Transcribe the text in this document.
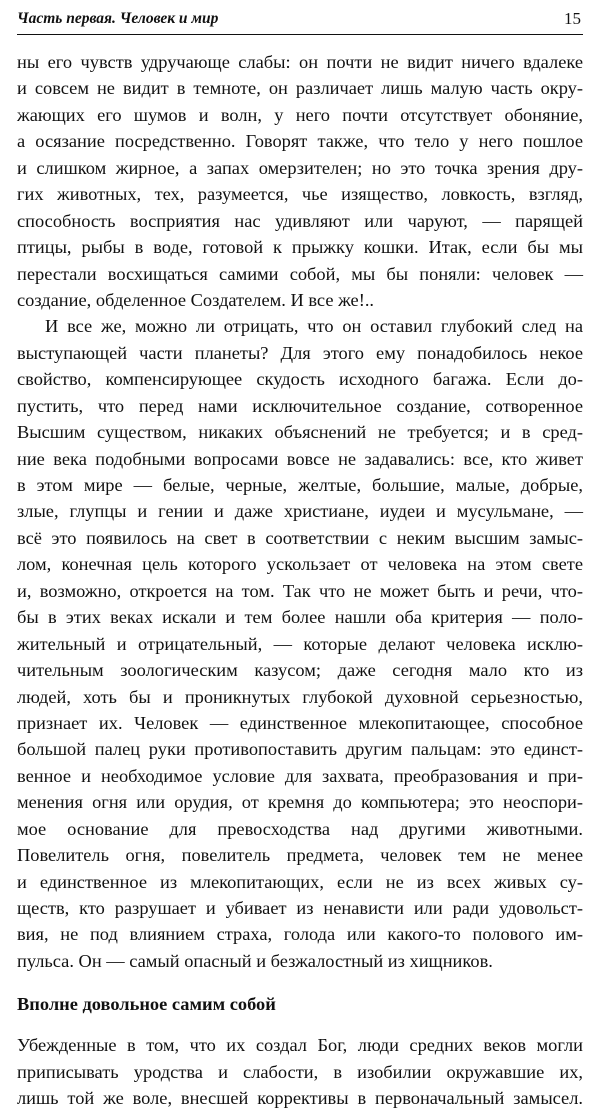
Часть первая. Человек и мир	15
ны его чувств удручающе слабы: он почти не видит ничего вдалеке
и совсем не видит в темноте, он различает лишь малую часть окру-
жающих его шумов и волн, у него почти отсутствует обоняние,
а осязание посредственно. Говорят также, что тело у него пошлое
и слишком жирное, а запах омерзителен; но это точка зрения дру-
гих животных, тех, разумеется, чье изящество, ловкость, взгляд,
способность восприятия нас удивляют или чаруют, — парящей
птицы, рыбы в воде, готовой к прыжку кошки. Итак, если бы мы
перестали восхищаться самими собой, мы бы поняли: человек —
создание, обделенное Создателем. И все же!..
И все же, можно ли отрицать, что он оставил глубокий след на
выступающей части планеты? Для этого ему понадобилось некое
свойство, компенсирующее скудость исходного багажа. Если до-
пустить, что перед нами исключительное создание, сотворенное
Высшим существом, никаких объяснений не требуется; и в сред-
ние века подобными вопросами вовсе не задавались: все, кто живет
в этом мире — белые, черные, желтые, большие, малые, добрые,
злые, глупцы и гении и даже христиане, иудеи и мусульмане, —
всё это появилось на свет в соответствии с неким высшим замыс-
лом, конечная цель которого ускользает от человека на этом свете
и, возможно, откроется на том. Так что не может быть и речи, что-
бы в этих веках искали и тем более нашли оба критерия — поло-
жительный и отрицательный, — которые делают человека исклю-
чительным зоологическим казусом; даже сегодня мало кто из
людей, хоть бы и проникнутых глубокой духовной серьезностью,
признает их. Человек — единственное млекопитающее, способное
большой палец руки противопоставить другим пальцам: это единст-
венное и необходимое условие для захвата, преобразования и при-
менения огня или орудия, от кремня до компьютера; это неоспори-
мое основание для превосходства над другими животными.
Повелитель огня, повелитель предмета, человек тем не менее
и единственное из млекопитающих, если не из всех живых су-
ществ, кто разрушает и убивает из ненависти или ради удовольст-
вия, не под влиянием страха, голода или какого-то полового им-
пульса. Он — самый опасный и безжалостный из хищников.
Вполне довольное самим собой
Убежденные в том, что их создал Бог, люди средних веков могли
приписывать уродства и слабости, в изобилии окружавшие их,
лишь той же воле, внесшей коррективы в первоначальный замысел.
